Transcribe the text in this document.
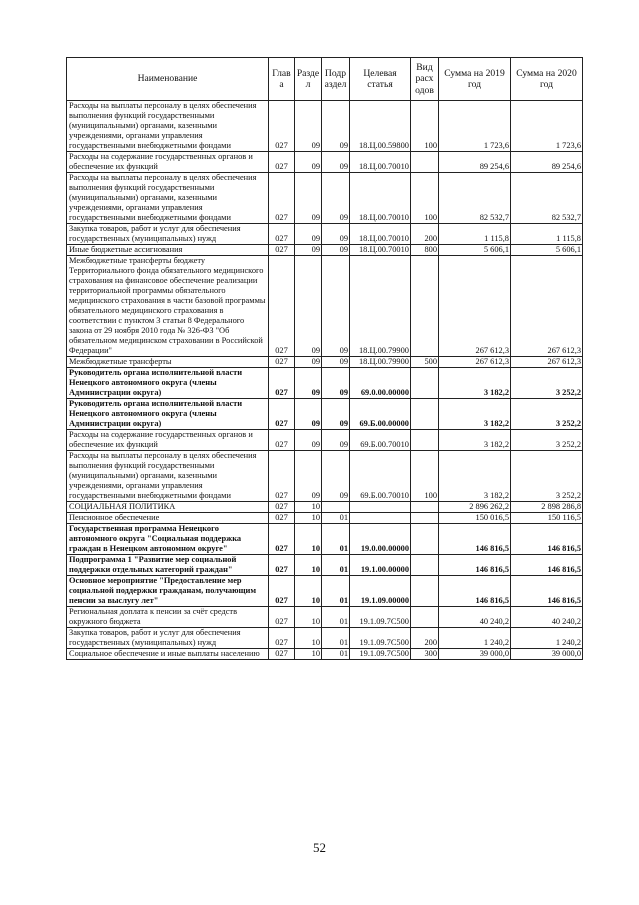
Наименование	Глав а	Разде л	Подр аздел	Целевая статья	Вид расх одов	Сумма на 2019 год	Сумма на 2020 год
Расходы на выплаты персоналу в целях обеспечения выполнения функций государственными (муниципальными) органами, казенными учреждениями, органами управления государственными внебюджетными фондами	027	09	09	18.Ц.00.59800	100	1 723,6	1 723,6
Расходы на содержание государственных органов и обеспечение их функций	027	09	09	18.Ц.00.70010		89 254,6	89 254,6
Расходы на выплаты персоналу в целях обеспечения выполнения функций государственными (муниципальными) органами, казенными учреждениями, органами управления государственными внебюджетными фондами	027	09	09	18.Ц.00.70010	100	82 532,7	82 532,7
Закупка товаров, работ и услуг для обеспечения государственных (муниципальных) нужд	027	09	09	18.Ц.00.70010	200	1 115,8	1 115,8
Иные бюджетные ассигнования	027	09	09	18.Ц.00.70010	800	5 606,1	5 606,1
Межбюджетные трансферты бюджету Территориального фонда обязательного медицинского страхования на финансовое обеспечение реализации территориальной программы обязательного медицинского страхования в части базовой программы обязательного медицинского страхования в соответствии с пунктом 3 статьи 8 Федерального закона от 29 ноября 2010 года № 326-ФЗ "Об обязательном медицинском страховании в Российской Федерации"	027	09	09	18.Ц.00.79900		267 612,3	267 612,3
Межбюджетные трансферты	027	09	09	18.Ц.00.79900	500	267 612,3	267 612,3
Руководитель органа исполнительной власти Ненецкого автономного округа (члены Администрации округа)	027	09	09	69.0.00.00000		3 182,2	3 252,2
Руководитель органа исполнительной власти Ненецкого автономного округа (члены Администрации округа)	027	09	09	69.Б.00.00000		3 182,2	3 252,2
Расходы на содержание государственных органов и обеспечение их функций	027	09	09	69.Б.00.70010		3 182,2	3 252,2
Расходы на выплаты персоналу в целях обеспечения выполнения функций государственными (муниципальными) органами, казенными учреждениями, органами управления государственными внебюджетными фондами	027	09	09	69.Б.00.70010	100	3 182,2	3 252,2
СОЦИАЛЬНАЯ ПОЛИТИКА	027	10				2 896 262,2	2 898 286,8
Пенсионное обеспечение	027	10	01			150 016,5	150 116,5
Государственная программа Ненецкого автономного округа "Социальная поддержка граждан в Ненецком автономном округе"	027	10	01	19.0.00.00000		146 816,5	146 816,5
Подпрограмма 1 "Развитие мер социальной поддержки отдельных категорий граждан"	027	10	01	19.1.00.00000		146 816,5	146 816,5
Основное мероприятие "Предоставление мер социальной поддержки гражданам, получающим пенсии за выслугу лет"	027	10	01	19.1.09.00000		146 816,5	146 816,5
Региональная доплата к пенсии за счёт средств окружного бюджета	027	10	01	19.1.09.7С500		40 240,2	40 240,2
Закупка товаров, работ и услуг для обеспечения государственных (муниципальных) нужд	027	10	01	19.1.09.7С500	200	1 240,2	1 240,2
Социальное обеспечение и иные выплаты населению	027	10	01	19.1.09.7С500	300	39 000,0	39 000,0
52
